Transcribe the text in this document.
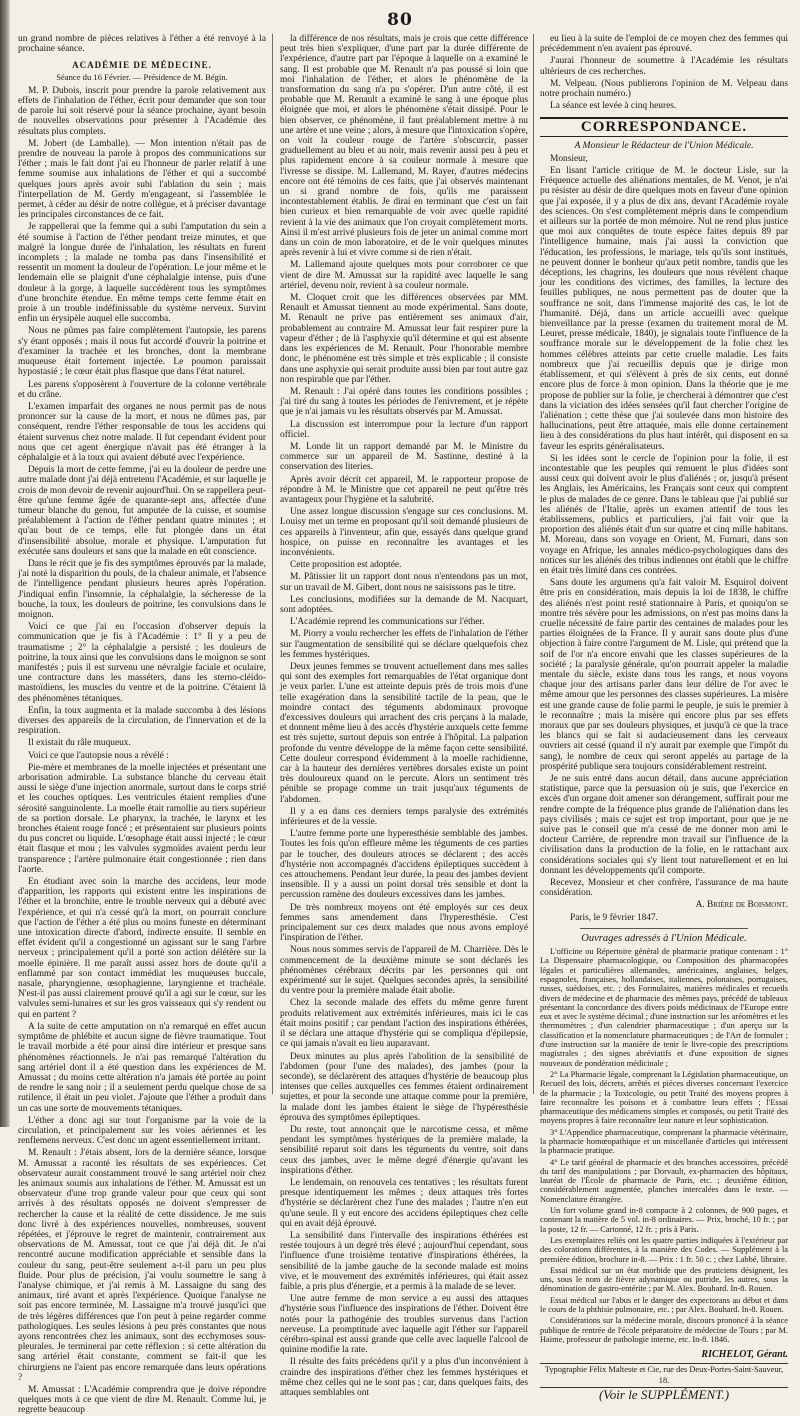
80

un grand nombre de pièces relatives à l'éther a été renvoyé à la prochaine séance.

ACADÉMIE DE MÉDECINE.

Séance du 16 Février. — Présidence de M. Bégin.

M. P. Dubois, inscrit pour prendre la parole relativement aux effets de l'inhalation de l'éther, écrit pour demander que son tour de parole lui soit réservé pour la séance prochaine, ayant besoin de nouvelles observations pour présenter à l'Académie des résultats plus complets.

M. Jobert (de Lamballe). — Mon intention n'était pas de prendre de nouveau la parole à propos des communications sur l'éther ; mais le fait dont j'ai eu l'honneur de parler relatif à une femme soumise aux inhalations de l'éther et qui a succombé quelques jours après avoir subi l'ablation du sein ; mais l'interpellation de M. Gerdy m'engageant, si l'assemblée le permet, à céder au désir de notre collègue, et à préciser davantage les principales circonstances de ce fait.

Je rappellerai que la femme qui a subi l'amputation du sein a été soumise à l'action de l'éther pendant treize minutes, et que malgré la longue durée de l'inhalation, les résultats en furent incomplets ; la malade ne tomba pas dans l'insensibilité et ressentit un moment la douleur de l'opération. Le jour même et le lendemain elle se plaignit d'une céphalalgie intense, puis d'une douleur à la gorge, à laquelle succédèrent tous les symptômes d'une bronchite étendue. En même temps cette femme était en proie à un trouble indéfinissable du système nerveux. Survint enfin un érysipèle auquel elle succomba.

Nous ne pûmes pas faire complètement l'autopsie, les parens s'y étant opposés ; mais il nous fut accordé d'ouvrir la poitrine et d'examiner la trachée et les bronches, dont la membrane muqueuse était fortement injectée. Le poumon paraissait hypostasié ; le cœur était plus flasque que dans l'état naturel.

Les parens s'opposèrent à l'ouverture de la colonne vertébrale et du crâne.

L'examen imparfait des organes ne nous permit pas de nous prononcer sur la cause de la mort, et nous ne dûmes pas, par conséquent, rendre l'éther responsable de tous les accidens qui étaient survenus chez notre malade. Il fut cependant évident pour nous que cet agent énergique n'avait pas été étranger à la céphalalgie et à la toux qui avaient débuté avec l'expérience.

Depuis la mort de cette femme, j'ai eu la douleur de perdre une autre malade dont j'ai déjà entretenu l'Académie, et sur laquelle je crois de mon devoir de revenir aujourd'hui. On se rappellera peut-être qu'une femme âgée de quarante-sept ans, affectée d'une tumeur blanche du genou, fut amputée de la cuisse, et soumise préalablement à l'action de l'éther pendant quatre minutes ; et qu'au bout de ce temps, elle fut plongée dans un état d'insensibilité absolue, morale et physique. L'amputation fut exécutée sans douleurs et sans que la malade en eût conscience.

Dans le récit que je fis des symptômes éprouvés par la malade, j'ai noté la disparition du pouls, de la chaleur animale, et l'absence de l'intelligence pendant plusieurs heures après l'opération. J'indiquai enfin l'insomnie, la céphalalgie, la sécheresse de la bouche, la toux, les douleurs de poitrine, les convulsions dans le moignon.

Voici ce que j'ai eu l'occasion d'observer depuis la communication que je fis à l'Académie : 1° Il y a peu de traumatisme ; 2° la céphalalgie a persisté ; les douleurs de poitrine, la toux ainsi que les convulsions dans le moignon se sont manifestés ; puis il est survenu une névralgie faciale et oculaire, une contracture dans les masséters, dans les sterno-cléido-mastoïdiens, les muscles du ventre et de la poitrine. C'étaient là des phénomènes tétaniques.

Enfin, la toux augmenta et la malade succomba à des lésions diverses des appareils de la circulation, de l'innervation et de la respiration.

Il existait du râle muqueux.

Voici ce que l'autopsie nous a révélé :

Pie-mère et membranes de la moelle injectées et présentant une arborisation admirable. La substance blanche du cerveau était aussi le siège d'une injection anormale, surtout dans le corps strié et les couches optiques. Les ventricules étaient remplies d'une sérosité sanguinolente. La moelle était ramollie au tiers supérieur de sa portion dorsale. Le pharynx, la trachée, le larynx et les bronches étaient rouge foncé ; et présentaient sur plusieurs points du pus concret ou liquide. L'œsophage était aussi injecté ; le cœur était flasque et mou ; les valvules sygmoïdes avaient perdu leur transparence ; l'artère pulmonaire était congestionnée ; rien dans l'aorte.

En étudiant avec soin la marche des accidens, leur mode d'apparition, les rapports qui existent entre les inspirations de l'éther et la bronchite, entre le trouble nerveux qui a débuté avec l'expérience, et qui n'a cessé qu'à la mort, on pourrait conclure que l'action de l'éther a été plus ou moins funeste en déterminant une intoxication directe d'abord, indirecte ensuite. Il semble en effet évident qu'il a congestionné un agissant sur le sang l'arbre nerveux ; principalement qu'il a porté son action délétère sur la moelle épinière. Il me paraît aussi assez hors de doute qu'il a enflammé par son contact immédiat les muqueuses buccale, nasale, pharyngienne, œsophagienne, laryngienne et trachéale. N'est-il pas aussi clairement prouvé qu'il a agi sur le cœur, sur les valvules semi-lunaires et sur les gros vaisseaux qui s'y rendent ou qui en partent ?

A la suite de cette amputation on n'a remarqué en effet aucun symptôme de phlébite et aucun signe de fièvre traumatique. Tout le travail morbide a été pour ainsi dire intérieur et presque sans phénomènes réactionnels. Je n'ai pas remarqué l'altération du sang artériel dont il a été question dans les expériences de M. Amussat ; du moins cette altération n'a jamais été portée au point de rendre le sang noir ; il a seulement perdu quelque chose de sa rutilence, il était un peu violet. J'ajoute que l'éther a produit dans un cas une sorte de mouvements tétaniques.

L'éther a donc agi sur tout l'organisme par la voie de la circulation, et principalement sur les voies aériennes et les renflemens nerveux. C'est donc un agent essentiellement irritant.

M. Renault : J'étais absent, lors de la dernière séance, lorsque M. Amussat a raconté les résultats de ses expériences. Cet observateur aurait constamment trouvé le sang artériel noir chez les animaux soumis aux inhalations de l'éther. M. Amussat est un observateur d'une trop grande valeur pour que ceux qui sont arrivés à des résultats opposés ne doivent s'empresser de rechercher la cause et la réalité de cette dissidence. Je me suis donc livré à des expériences nouvelles, nombreuses, souvent répétées, et j'éprouve le regret de maintenir, contrairement aux observations de M. Amussat, tout ce que j'ai déjà dit. Je n'ai rencontré aucune modification appréciable et sensible dans la couleur du sang, peut-être seulement a-t-il paru un peu plus fluide. Pour plus de précision, j'ai voulu soumettre le sang à l'analyse chimique, et j'ai remis à M. Lassaigne du sang des animaux, tiré avant et après l'expérience. Quoique l'analyse ne soit pas encore terminée, M. Lassaigne m'a trouvé jusqu'ici que de très légères différences que l'on peut à peine regarder comme pathologiques. Les seules lésions à peu près constantes que nous ayons rencontrées chez les animaux, sont des ecchymoses sous-pleurales. Je terminerai par cette réflexion : si cette altération du sang artériel était constante, comment se fait-il que les chirurgiens ne l'aient pas encore remarquée dans leurs opérations ?

M. Amussat : L'Académie comprendra que je doive répondre quelques mots à ce que vient de dire M. Renault. Comme lui, je regrette beaucoup

la différence de nos résultats, mais je crois que cette différence peut très bien s'expliquer, d'une part par la durée différente de l'expérience, d'autre part par l'époque à laquelle on a examiné le sang. Il est probable que M. Renault n'a pas poussé si loin que moi l'inhalation de l'éther, et alors le phénomène de la transformation du sang n'a pu s'opérer. D'un autre côté, il est probable que M. Renault a examiné le sang à une époque plus éloignée que moi, et alors le phénomène s'était dissipé. Pour le bien observer, ce phénomène, il faut préalablement mettre à nu une artère et une veine ; alors, à mesure que l'intoxication s'opère, on voit la couleur rouge de l'artère s'obscurcir, passer graduellement au bleu et au noir, mais revenir aussi peu à peu et plus rapidement encore à sa couleur normale à mesure que l'ivresse se dissipe. M. Lallemand, M. Rayer, d'autres médecins encore ont été témoins de ces faits, que j'ai observés maintenant un si grand nombre de fois, qu'ils me paraissent incontestablement établis. Je dirai en terminant que c'est un fait bien curieux et bien remarquable de voir avec quelle rapidité revient à la vie des animaux que l'on croyait complètement morts. Ainsi il m'est arrivé plusieurs fois de jeter un animal comme mort dans un coin de mon laboratoire, et de le voir quelques minutes après revenir à lui et vivre comme si de rien n'était.

M. Lallemand ajoute quelques mots pour corroborer ce que vient de dire M. Amussat sur la rapidité avec laquelle le sang artériel, devenu noir, revient à sa couleur normale.

M. Cloquet croit que les différences observées par MM. Renault et Amussat tiennent au mode expérimental. Sans doute, M. Renault ne prive pas entièrement ses animaux d'air, probablement au contraire M. Amussat leur fait respirer pure la vapeur d'éther ; de là l'asphyxie qu'il détermine et qui est absente dans les expériences de M. Renault. Pour l'honorable membre donc, le phénomène est très simple et très explicable ; il consiste dans une asphyxie qui serait produite aussi bien par tout autre gaz non respirable que par l'éther.

M. Renault : J'ai opéré dans toutes les conditions possibles ; j'ai tiré du sang à toutes les périodes de l'enivrement, et je répète que je n'ai jamais vu les résultats observés par M. Amussat.

La discussion est interrompue pour la lecture d'un rapport officiel.

M. Londe lit un rapport demandé par M. le Ministre du commerce sur un appareil de M. Sastinne, destiné à la conservation des literies.

Après avoir décrit cet appareil, M. le rapporteur propose de répondre à M. le Ministre que cet appareil ne peut qu'être très avantageux pour l'hygiène et la salubrité.

Une assez longue discussion s'engage sur ces conclusions. M. Louisy met un terme en proposant qu'il soit demandé plusieurs de ces appareils à l'inventeur, afin que, essayés dans quelque grand hospice, on puisse en reconnaître les avantages et les inconvénients.

Cette proposition est adoptée.

M. Pâtissier lit un rapport dont nous n'entendons pas un mot, sur un travail de M. Gibert, dont nous ne saisissons pas le titre.

Les conclusions, modifiées sur la demande de M. Nacquart, sont adoptées.

L'Académie reprend les communications sur l'éther.

M. Piorry a voulu rechercher les effets de l'inhalation de l'éther sur l'augmentation de sensibilité qui se déclare quelquefois chez les femmes hystériques.

Deux jeunes femmes se trouvent actuellement dans mes salles qui sont des exemples fort remarquables de l'état organique dont je veux parler. L'une est atteinte depuis près de trois mois d'une telle exagération dans la sensibilité tactile de la peau, que le moindre contact des téguments abdominaux provoque d'excessives douleurs qui arrachent des cris perçans à la malade, et donnent même lieu à des accès d'hystérie auxquels cette femme est très sujette, surtout depuis son entrée à l'hôpital. La palpation profonde du ventre développe de la même façon cette sensibilité. Cette douleur correspond évidemment à la moelle rachidienne, car à la hauteur des dernières vertèbres dorsales existe un point très douloureux quand on le percute. Alors un sentiment très pénible se propage comme un trait jusqu'aux téguments de l'abdomen.

Il y a eu dans ces derniers temps paralysie des extrémités inférieures et de la vessie.

L'autre femme porte une hyperesthésie semblable des jambes. Toutes les fois qu'on effleure même les téguments de ces parties par le toucher, des douleurs atroces se déclarent ; des accès d'hystérie non accompagnés d'accidens épileptiques succèdent à ces attouchemens. Pendant leur durée, la peau des jambes devient insensible. Il y a aussi un point dorsal très sensible et dont la percussion ramène des douleurs excessives dans les jambes.

De très nombreux moyens ont été employés sur ces deux femmes sans amendement dans l'hyperesthésie. C'est principalement sur ces deux malades que nous avons employé l'inspiration de l'éther.

Nous nous sommes servis de l'appareil de M. Charrière. Dès le commencement de la deuxième minute se sont déclarés les phénomènes cérébraux décrits par les personnes qui ont expérimenté sur le sujet. Quelques secondes après, la sensibilité du ventre pour la première malade était abolie.

Chez la seconde malade des effets du même genre furent produits relativement aux extrémités inférieures, mais ici le cas était moins positif ; car pendant l'action des inspirations éthérées, il se déclara une attaque d'hystérie qui se compliqua d'épilepsie, ce qui jamais n'avait eu lieu auparavant.

Deux minutes au plus après l'abolition de la sensibilité de l'abdomen (pour l'une des malades), des jambes (pour la seconde), se déclarèrent des attaques d'hystérie de beaucoup plus intenses que celles auxquelles ces femmes étaient ordinairement sujettes, et pour la seconde une attaque comme pour la première, la malade dont les jambes étaient le siège de l'hypéresthésie éprouva des symptômes épileptiques.

Du reste, tout annonçait que le narcotisme cessa, et même pendant les symptômes hystériques de la première malade, la sensibilité reparut soit dans les téguments du ventre, soit dans ceux des jambes, avec le même degré d'énergie qu'avant les inspirations d'éther.

Le lendemain, on renouvela ces tentatives ; les résultats furent presque identiquement les mêmes ; deux attaques très fortes d'hystérie se déclarèrent chez l'une des malades ; l'autre n'en eut qu'une seule. Il y eut encore des accidens épileptiques chez celle qui en avait déjà éprouvé.

La sensibilité dans l'intervalle des inspirations éthérées est restée toujours à un degré très élevé ; aujourd'hui cependant, sous l'influence d'une troisième tentative d'inspirations éthérées, la sensibilité de la jambe gauche de la seconde malade est moins vive, et le mouvement des extrémités inférieures, qui était assez faible, a pris plus d'énergie, et a permis à la malade de se lever.

Une autre femme de mon service a eu aussi des attaques d'hystérie sous l'influence des inspirations de l'éther. Doivent être notés pour la pathogénie des troubles survenus dans l'action nerveuse. La promptitude avec laquelle agit l'éther sur l'appareil cérébro-spinal est aussi grande que celle avec laquelle l'alcool de quinine modifie la rate.

Il résulte des faits précédens qu'il y a plus d'un inconvénient à craindre des inspirations d'éther chez les femmes hystériques et même chez celles qui ne le sont pas ; car, dans quelques faits, des attaques semblables ont

eu lieu à la suite de l'emploi de ce moyen chez des femmes qui précédemment n'en avaient pas éprouvé.

J'aurai l'honneur de soumettre à l'Académie les résultats ultérieurs de ces recherches.

M. Velpeau. (Nous publierons l'opinion de M. Velpeau dans notre prochain numéro.)

La séance est levée à cinq heures.

CORRESPONDANCE.

A Monsieur le Rédacteur de l'Union Médicale.

Monsieur,

En lisant l'article critique de M. le docteur Lisle, sur la Fréquence actuelle des aliénations mentales, de M. Venot, je n'ai pu résister au désir de dire quelques mots en faveur d'une opinion que j'ai exposée, il y a plus de dix ans, devant l'Académie royale des sciences. On s'est complètement mépris dans le compendium et ailleurs sur la portée de mon mémoire. Nul ne rend plus justice que moi aux conquêtes de toute espèce faites depuis 89 par l'intelligence humaine, mais j'ai aussi la conviction que l'éducation, les professions, le mariage, tels qu'ils sont institués, ne peuvent donner le bonheur qu'aux petit nombre, tandis que les déceptions, les chagrins, les douleurs que nous révèlent chaque jour les conditions des victimes, des familles, la lecture des feuilles publiques, ne nous permettent pas de douter que la souffrance ne soit, dans l'immense majorité des cas, le lot de l'humanité. Déjà, dans un article accueilli avec quelque bienveillance par la presse (examen du traitement moral de M. Leuret, presse médicale, 1840), je signalais toute l'influence de la souffrance morale sur le développement de la folie chez les hommes célèbres atteints par cette cruelle maladie. Les faits nombreux que j'ai recueillis depuis que je dirige mon établissement, et qui s'élèvent à près de six cents, eut donné encore plus de force à mon opinion. Dans la théorie que je me propose de publier sur la folie, je chercherai à démontrer que c'est dans la viciation des idées sensées qu'il faut chercher l'origine de l'aliénation ; cette thèse que j'ai soulevée dans mon histoire des hallucinations, peut être attaquée, mais elle donne certainement lieu à des considérations du plus haut intérêt, qui disposent en sa faveur les esprits généralisateurs.

Si les idées sont le cercle de l'opinion pour la folie, il est incontestable que les peuples qui remuent le plus d'idées sont aussi ceux qui doivent avoir le plus d'aliénés ; or, jusqu'à présent les Anglais, les Américains, les Français sont ceux qui comptent le plus de malades de ce genre. Dans le tableau que j'ai publié sur les aliénés de l'Italie, après un examen attentif de tous les établissemens, publics et particuliers, j'ai fait voir que la proportion des aliénés était d'un sur quatre et cinq mille habitans. M. Moreau, dans son voyage en Orient, M. Furnari, dans son voyage en Afrique, les annales médico-psychologiques dans des notices sur les aliénés des tribus indiennes ont établi que le chiffre en était très limité dans ces contrées.

Sans doute les argumens qu'a fait valoir M. Esquirol doivent être pris en considération, mais depuis la loi de 1838, le chiffre des aliénés n'est point resté stationnaire à Paris, et quoiqu'on se montre très sévère pour les admissions, on n'est pas moins dans la cruelle nécessité de faire partir des centaines de malades pour les parties éloignées de la France. Il y aurait sans doute plus d'une objection à faire contre l'argument de M. Lisle, qui prétend que la soif de l'or n'a encore envahi que les classes supérieures de la société ; la paralysie générale, qu'on pourrait appeler la maladie mentale du siècle, existe dans tous les rangs, et nous voyons chaque jour des artisans parler dans leur délire de l'or avec le même amour que les personnes des classes supérieures. La misère est une grande cause de folie parmi le peuple, je suis le premier à le reconnaître ; mais la misère qui encore plus par ses effets moraux que par ses douleurs physiques, et jusqu'à ce que la trace les blancs qui se fait si audacieusement dans les cerveaux ouvriers ait cessé (quand il n'y aurait par exemple que l'impôt du sang), le nombre de ceux qui seront appelés au partage de la prospérité publique sera toujours considérablement restreint.

Je ne suis entré dans aucun détail, dans aucune appréciation statistique, parce que la persuasion où je suis, que l'exercice en excès d'un organe doit amener son dérangement, suffirait pour me rendre compte de la fréquence plus grande de l'aliénation dans les pays civilisés ; mais ce sujet est trop important, pour que je ne suive pas le conseil que m'a cessé de me donner mon ami le docteur Carrière, de reprendre mon travail sur l'influence de la civilisation dans la production de la folie, en le rattachant aux considérations sociales qui s'y lient tout naturellement et en lui donnant les développements qu'il comporte.

Recevez, Monsieur et cher confrère, l'assurance de ma haute considération.

A. Brière de Boismont.

Paris, le 9 février 1847.

Ouvrages adressés à l'Union Médicale.

L'officine ou Répertoire général de pharmacie pratique contenant : 1° La Dispensaire pharmacologique, ou Composition des pharmacopées légales et particulières allemandes, américaines, anglaises, belges, espagnoles, françaises, hollandaises, italiennes, polonaises, portugaises, russes, suédoises, etc. ; des Formulaires, matières médicales et recueils divers de médecine et de pharmacie des mêmes pays, précédé de tableaux présentant la concordance des divers poids médicinaux de l'Europe entre eux et avec le système décimal ; d'une instruction sur les aréomètres et les thermomètres ; d'un calendrier pharmaceutique ; d'un aperçu sur la classification et la nomenclature pharmaceutiques ; de l'Art de formuler ; d'une instruction sur la manière de tenir le livre-copie des prescriptions magistrales ; des signes abréviatifs et d'une exposition de signes nouveaux de pondération médicinale ;

2° La Pharmacie légale, comprenant la Législation pharmaceutique, un Recueil des lois, décrets, arrêtés et pièces diverses concernant l'exercice de la pharmacie ; la Toxicologie, ou petit Traité des moyens propres à faire reconnaître les poisons et à combattre leurs effets ; l'Essai pharmaceutique des médicamens simples et composés, ou petit Traité des moyens propres à faire reconnaître leur nature et leur sophistication.

3° L'Appendice pharmaceutique, comprenant la pharmacie vétérinaire, la pharmacie homœopathique et un miscellanée d'articles qui intéressent la pharmacie pratique.

4° Le tarif général de pharmacie et des branches accessoires, précédé du tarif des manipulations ; par Dorvault, ex-pharmacien des hôpitaux, lauréat de l'École de pharmacie de Paris, etc. ; deuxième édition, considérablement augmentée, planches intercalées dans le texte. — Nomenclature étrangère.

Un fort volume grand in-8 compacte à 2 colonnes, de 900 pages, et contenant la matière de 5 vol. in-8 ordinaires. — Prix, broché, 10 fr. ; par la poste, 12 fr. — Cartonné, 12 fr. ; pris à Paris.

Les exemplaires reliés ont les quatre parties indiquées à l'extérieur par des colorations différentes, à la manière des Codes. — Supplément à la première édition, brochure in-8. — Prix : 1 fr. 50 c. ; chez Labbé, libraire.

Essai médical sur un état morbide que des praticiens désignent, les uns, sous le nom de fièvre adynamique ou putride, les autres, sous la dénomination de gastro-entérite ; par M. Alex. Bouhard. In-8. Rouen.

Essai médical sur l'abus et le danger des expectorans au début et dans le cours de la phthisie pulmonaire, etc. ; par Alex. Bouhard. In-8. Rouen.

Considérations sur la médecine morale, discours prononcé à la séance publique de rentrée de l'école préparatoire de médecine de Tours ; par M. Haime, professeur de pathologie interne, etc. In-8. 1846.

RICHELOT, Gérant.

Typographie Félix Malteste et Cie, rue des Deux-Portes-Saint-Sauveur, 18.

(Voir le SUPPLÉMENT.)
